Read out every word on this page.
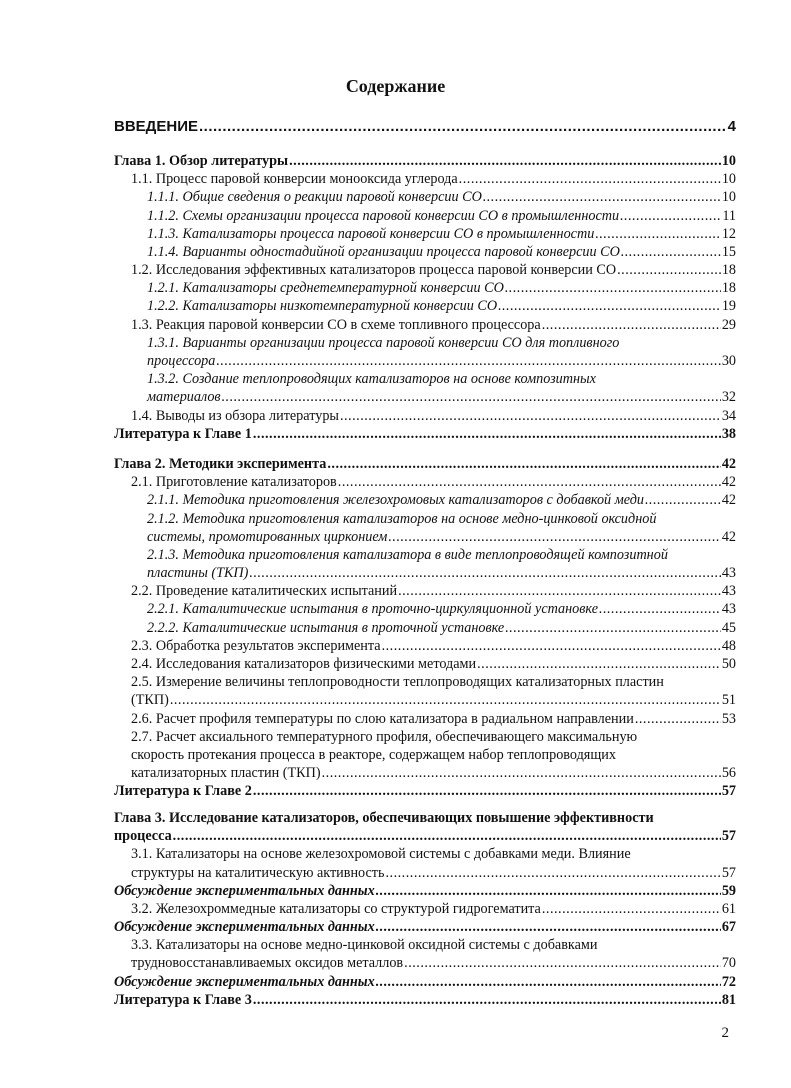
Содержание
ВВЕДЕНИЕ .....	4
Глава 1. Обзор литературы .....	10
1.1. Процесс паровой конверсии монооксида углерода .....	10
1.1.1. Общие сведения о реакции паровой конверсии СО .....	10
1.1.2. Схемы организации процесса паровой конверсии СО в промышленности .....	11
1.1.3. Катализаторы процесса паровой конверсии СО в промышленности .....	12
1.1.4. Варианты одностадийной организации процесса паровой конверсии СО .....	15
1.2. Исследования эффективных катализаторов процесса паровой конверсии СО .....	18
1.2.1. Катализаторы среднетемпературной конверсии СО .....	18
1.2.2. Катализаторы низкотемпературной конверсии СО .....	19
1.3. Реакция паровой конверсии СО в схеме топливного процессора .....	29
1.3.1. Варианты организации процесса паровой конверсии СО для топливного
процессора .....	30
1.3.2. Создание теплопроводящих катализаторов на основе композитных
материалов .....	32
1.4. Выводы из обзора литературы .....	34
Литература к Главе 1 .....	38
Глава 2. Методики эксперимента .....	42
2.1. Приготовление катализаторов .....	42
2.1.1. Методика приготовления железохромовых катализаторов с добавкой меди .....	42
2.1.2. Методика приготовления катализаторов на основе медно-цинковой оксидной
системы, промотированных цирконием .....	42
2.1.3. Методика приготовления катализатора в виде теплопроводящей композитной
пластины (ТКП) .....	43
2.2. Проведение каталитических испытаний .....	43
2.2.1. Каталитические испытания в проточно-циркуляционной установке .....	43
2.2.2. Каталитические испытания в проточной установке .....	45
2.3. Обработка результатов эксперимента .....	48
2.4. Исследования катализаторов физическими методами .....	50
2.5. Измерение величины теплопроводности теплопроводящих катализаторных пластин
(ТКП) .....	51
2.6. Расчет профиля температуры по слою катализатора в радиальном направлении .....	53
2.7. Расчет аксиального температурного профиля, обеспечивающего максимальную
скорость протекания процесса в реакторе, содержащем набор теплопроводящих
катализаторных пластин (ТКП) .....	56
Литература к Главе 2 .....	57
Глава 3. Исследование катализаторов, обеспечивающих повышение эффективности
процесса .....	57
3.1. Катализаторы на основе железохромовой системы с добавками меди. Влияние
структуры на каталитическую активность .....	57
Обсуждение экспериментальных данных .....	59
3.2. Железохроммедные катализаторы со структурой гидрогематита .....	61
Обсуждение экспериментальных данных .....	67
3.3. Катализаторы на основе медно-цинковой оксидной системы с добавками
трудновосстанавливаемых оксидов металлов .....	70
Обсуждение экспериментальных данных .....	72
Литература к Главе 3 .....	81
2
